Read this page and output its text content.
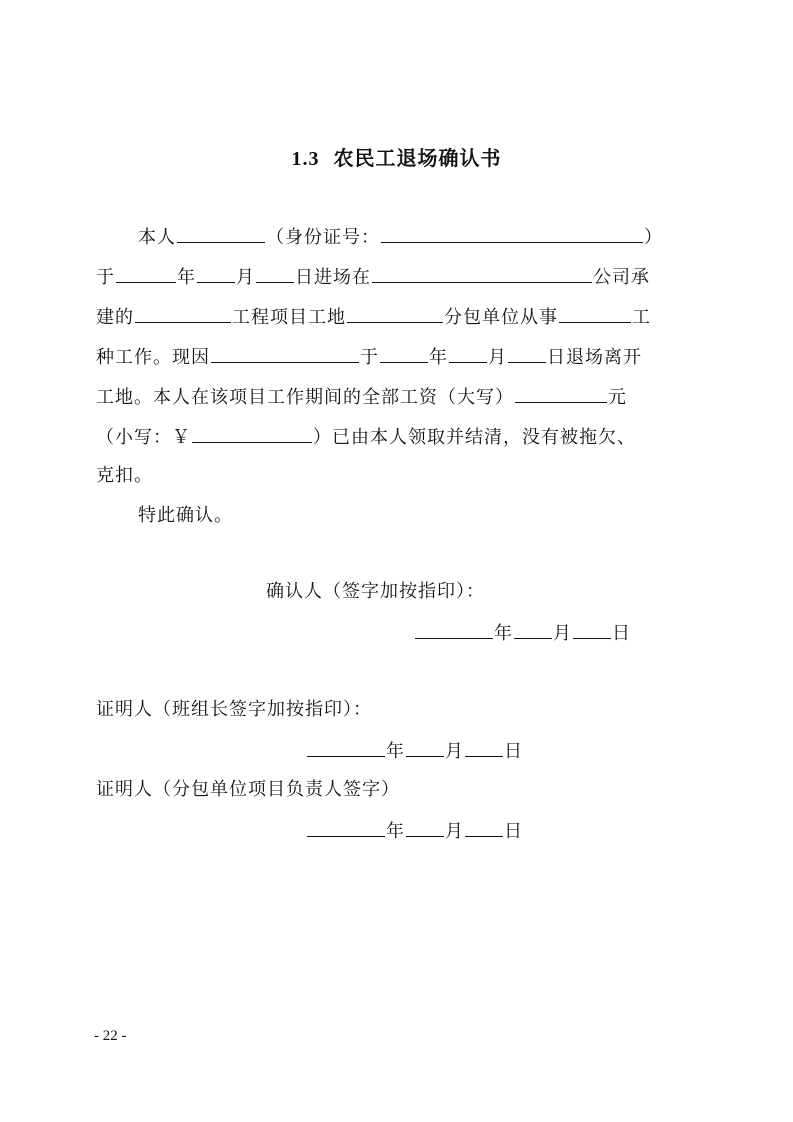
1.3 农民工退场确认书
本人	（身份证号：	）
于	年 月 日进场在	公司承
建的	工程项目工地	分包单位从事	工
种工作。现因	于	年 月 日退场离开
工地。本人在该项目工作期间的全部工资（大写）	元
（小写：￥	）已由本人领取并结清，没有被拖欠、
克扣。
特此确认。
确认人（签字加按指印）：
年 月 日
证明人（班组长签字加按指印）：
年 月 日
证明人（分包单位项目负责人签字）
年 月 日
- 22 -
